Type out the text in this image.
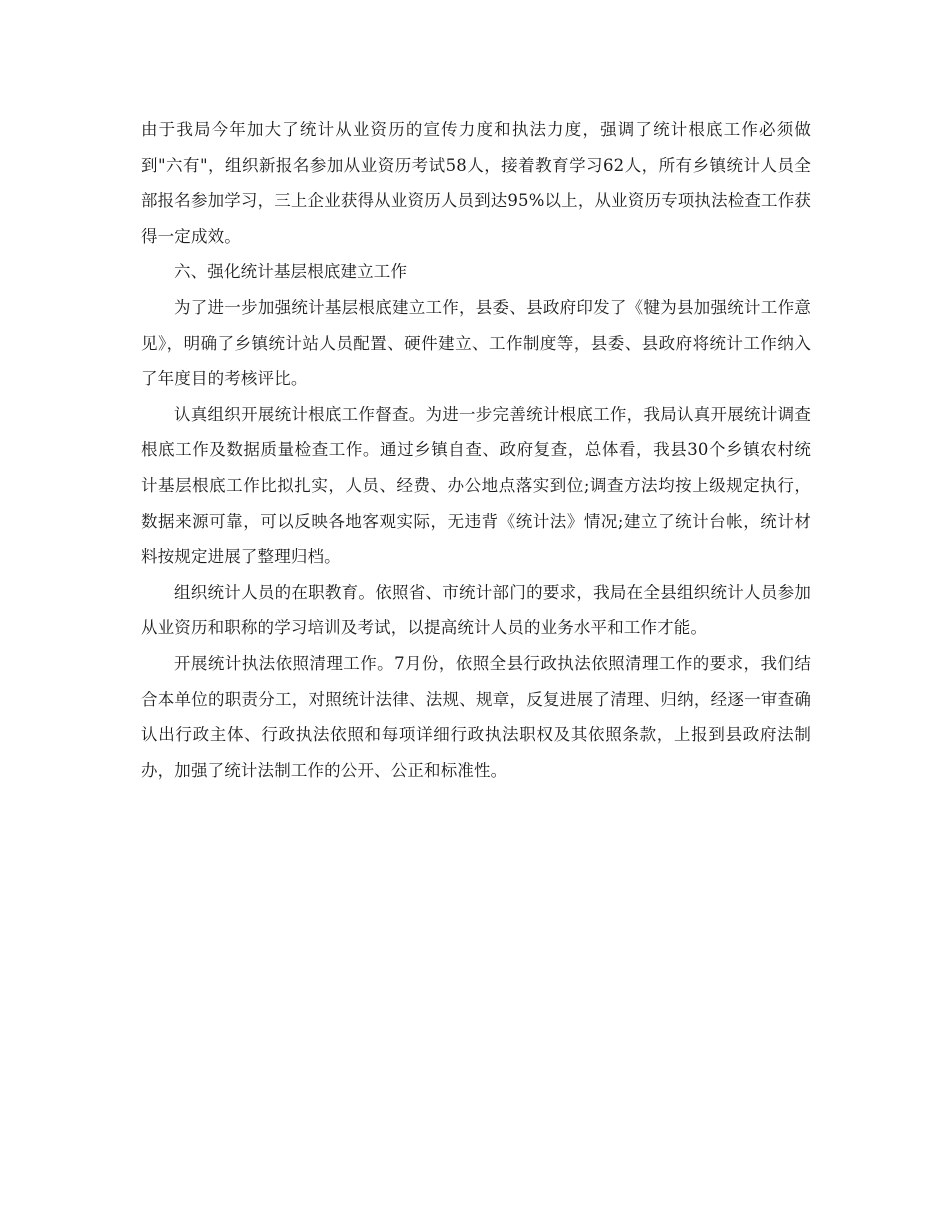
由于我局今年加大了统计从业资历的宣传力度和执法力度，强调了统计根底工作必须做到"六有"，组织新报名参加从业资历考试58人，接着教育学习62人，所有乡镇统计人员全部报名参加学习，三上企业获得从业资历人员到达95%以上，从业资历专项执法检查工作获得一定成效。

六、强化统计基层根底建立工作

为了进一步加强统计基层根底建立工作，县委、县政府印发了《犍为县加强统计工作意见》，明确了乡镇统计站人员配置、硬件建立、工作制度等，县委、县政府将统计工作纳入了年度目的考核评比。

认真组织开展统计根底工作督查。为进一步完善统计根底工作，我局认真开展统计调查根底工作及数据质量检查工作。通过乡镇自查、政府复查，总体看，我县30个乡镇农村统计基层根底工作比拟扎实，人员、经费、办公地点落实到位;调查方法均按上级规定执行，数据来源可靠，可以反映各地客观实际，无违背《统计法》情况;建立了统计台帐，统计材料按规定进展了整理归档。

组织统计人员的在职教育。依照省、市统计部门的要求，我局在全县组织统计人员参加从业资历和职称的学习培训及考试，以提高统计人员的业务水平和工作才能。

开展统计执法依照清理工作。7月份，依照全县行政执法依照清理工作的要求，我们结合本单位的职责分工，对照统计法律、法规、规章，反复进展了清理、归纳，经逐一审查确认出行政主体、行政执法依照和每项详细行政执法职权及其依照条款，上报到县政府法制办，加强了统计法制工作的公开、公正和标准性。
